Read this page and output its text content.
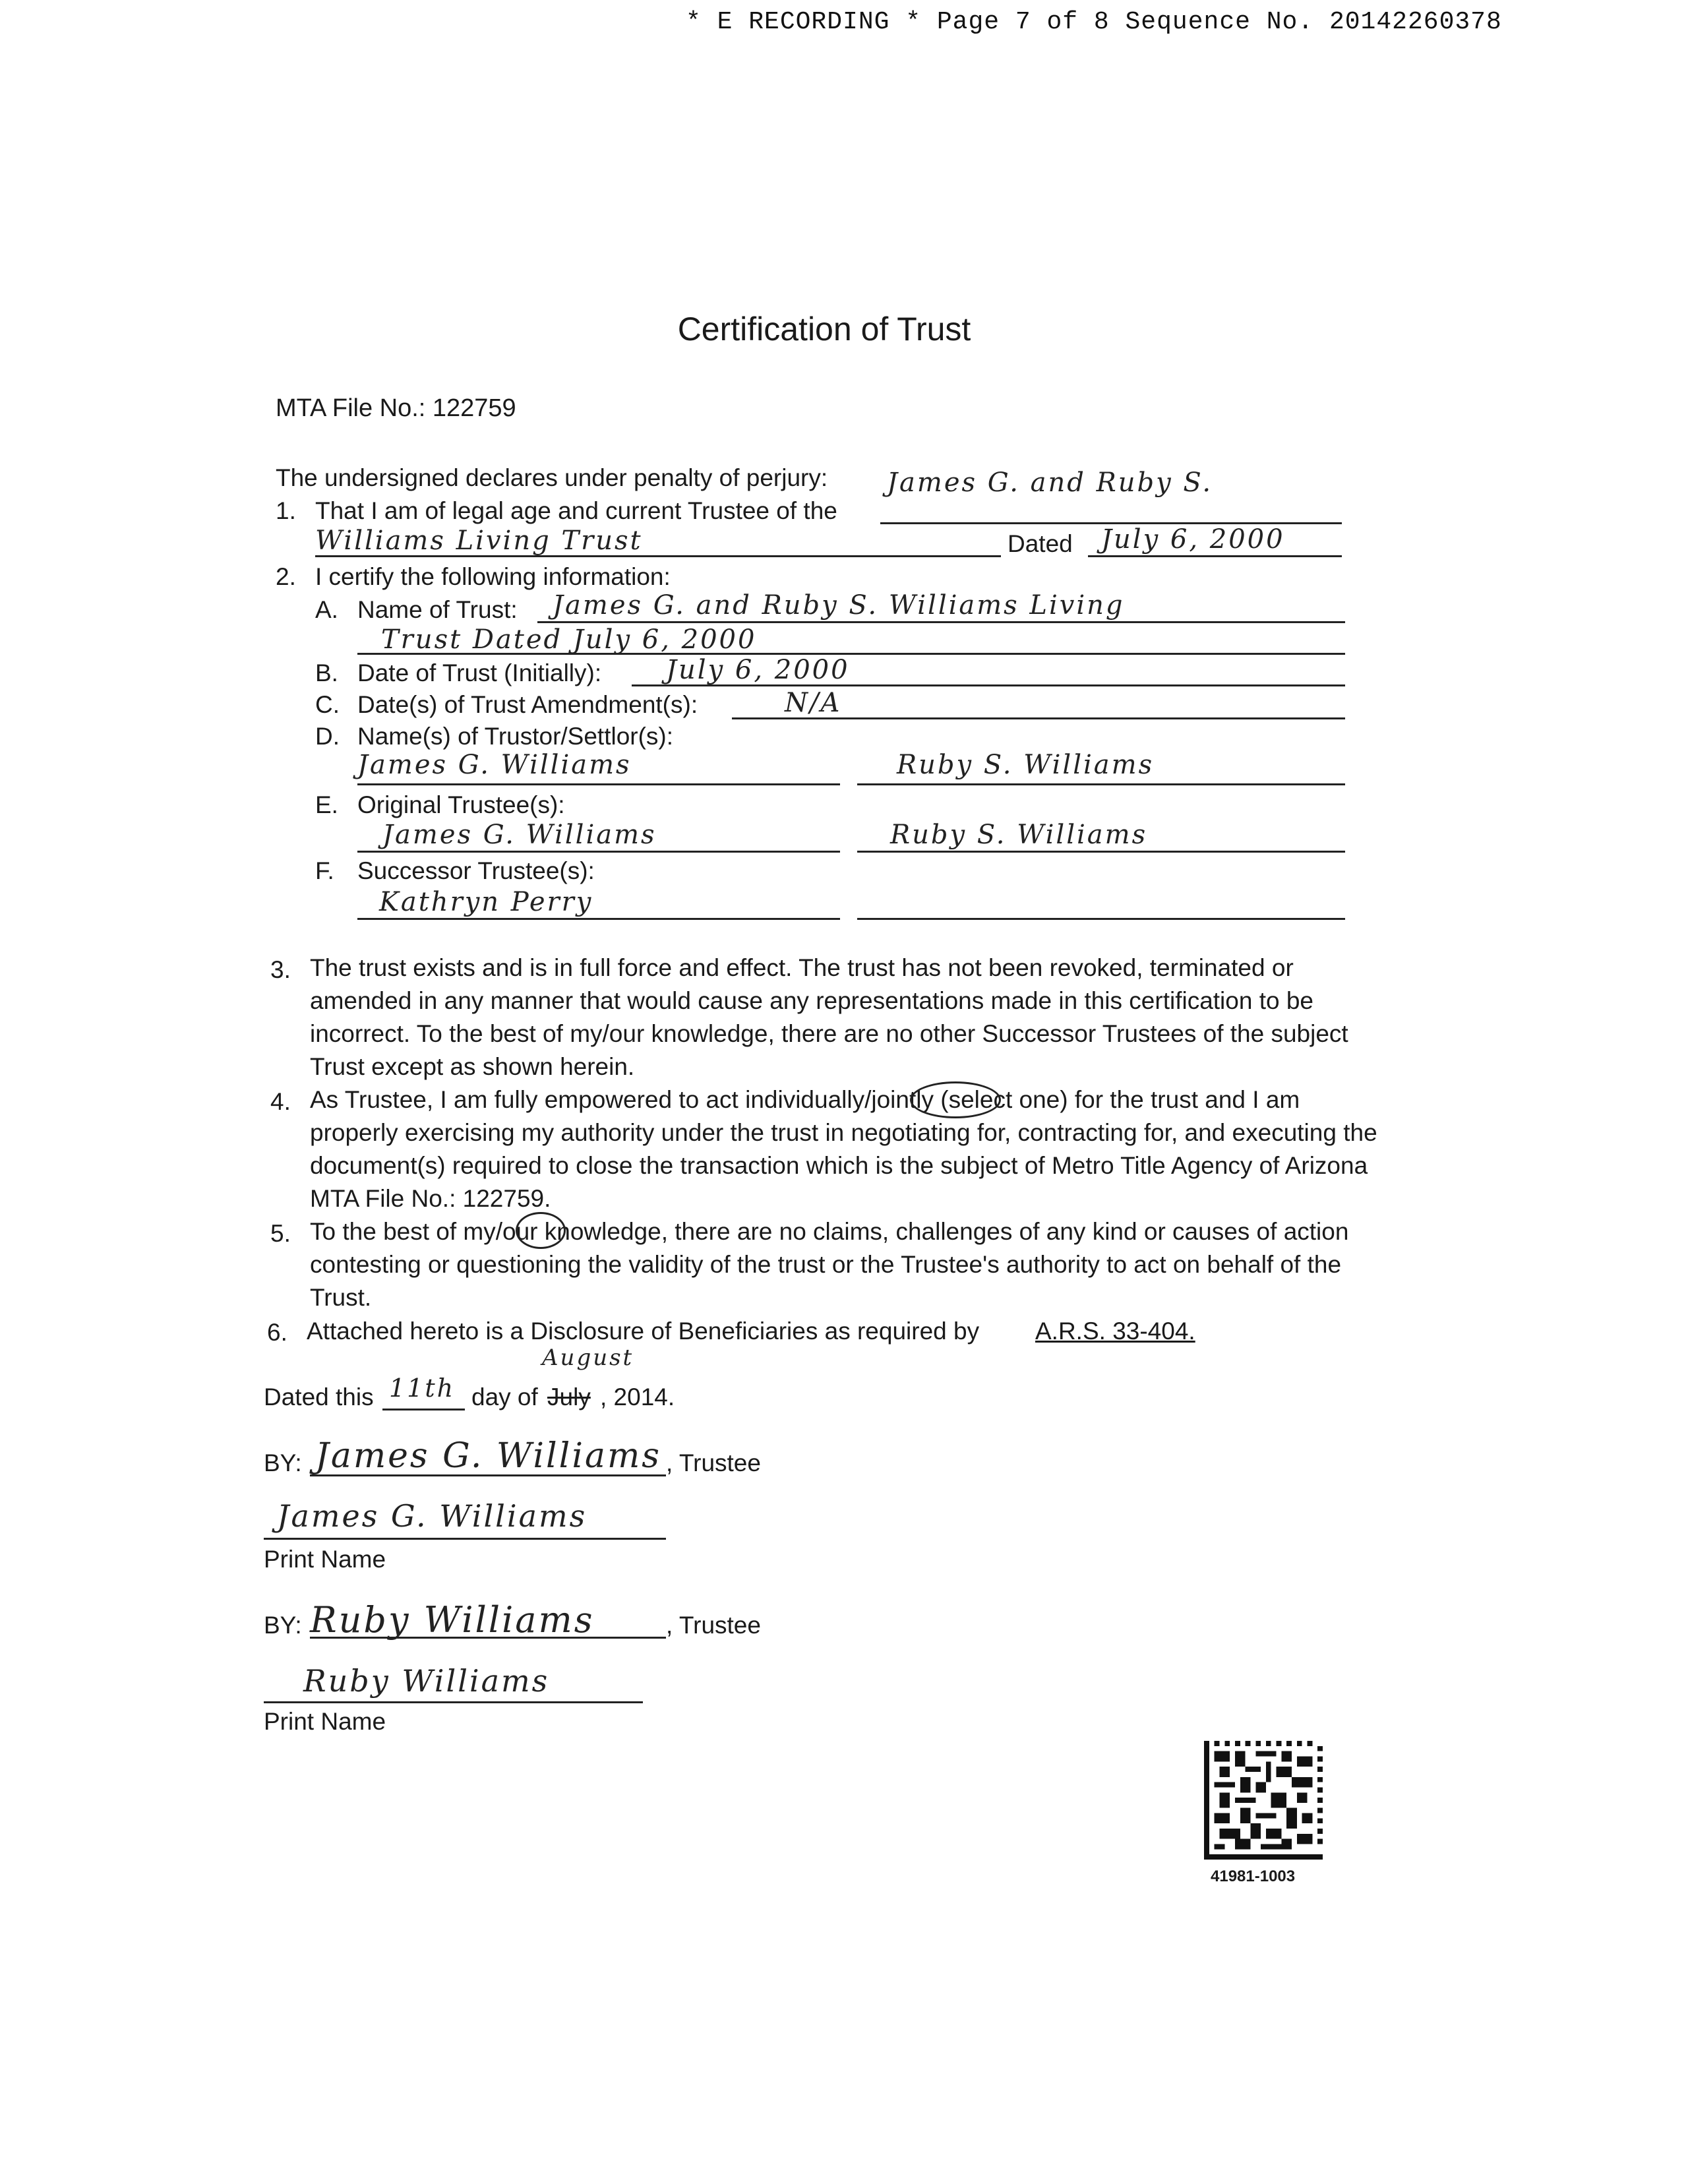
* E RECORDING * Page 7 of 8 Sequence No. 20142260378
Certification of Trust
MTA File No.: 122759
The undersigned declares under penalty of perjury: James G. and Ruby S.
1. That I am of legal age and current Trustee of the
Williams Living Trust	Dated July 6, 2000
2. I certify the following information:
A. Name of Trust: James G. and Ruby S. Williams Living
Trust Dated July 6, 2000
B. Date of Trust (Initially): July 6, 2000
C. Date(s) of Trust Amendment(s):	N/A
D. Name(s) of Trustor/Settlor(s):
James G. Williams	Ruby S. Williams
E. Original Trustee(s):
James G. Williams	Ruby S. Williams
F. Successor Trustee(s):
Kathryn Perry
3. The trust exists and is in full force and effect. The trust has not been revoked, terminated or amended in any manner that would cause any representations made in this certification to be incorrect. To the best of my/our knowledge, there are no other Successor Trustees of the subject Trust except as shown herein.
4. As Trustee, I am fully empowered to act individually/jointly (select one) for the trust and I am properly exercising my authority under the trust in negotiating for, contracting for, and executing the document(s) required to close the transaction which is the subject of Metro Title Agency of Arizona MTA File No.: 122759.
5. To the best of my/our knowledge, there are no claims, challenges of any kind or causes of action contesting or questioning the validity of the trust or the Trustee's authority to act on behalf of the Trust.
6. Attached hereto is a Disclosure of Beneficiaries as required by A.R.S. 33-404.
Dated this 11th day of July
August
, 2014.
BY: James G. Williams , Trustee
James G. Williams
Print Name
BY: Ruby Williams	, Trustee
Ruby Williams
Print Name
41981-1003
